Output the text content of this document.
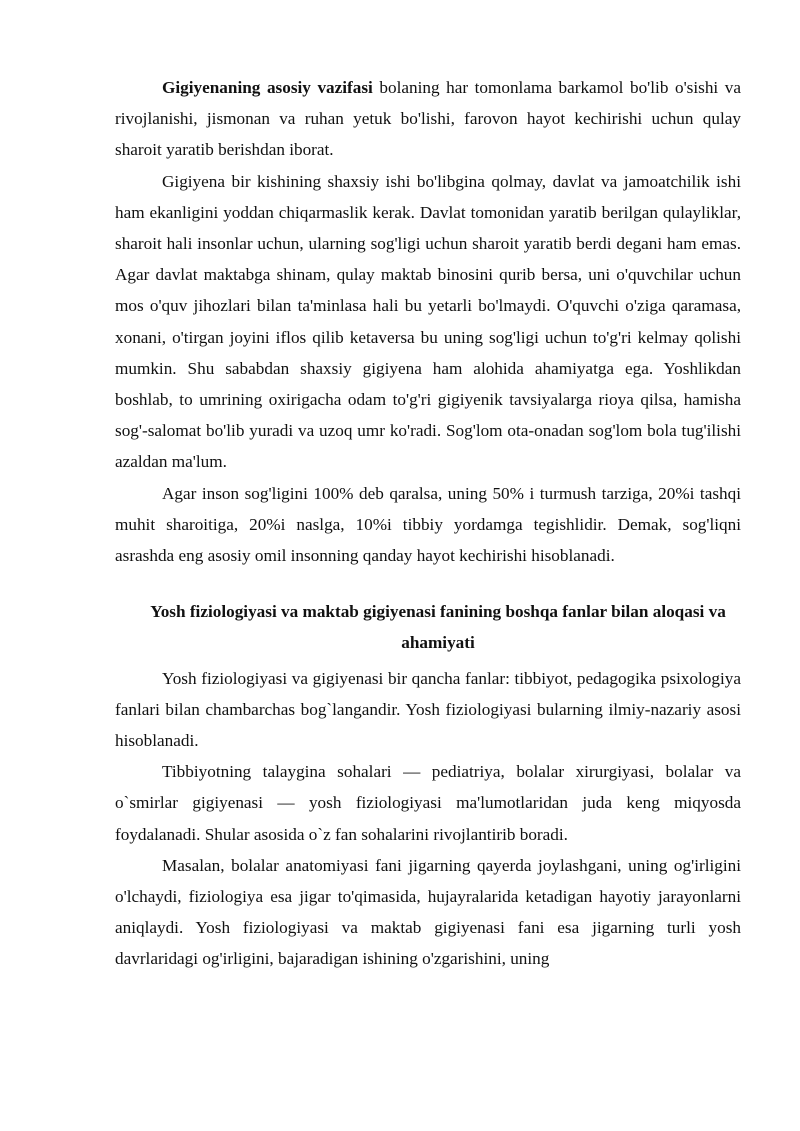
Gigiyenaning asosiy vazifasi bolaning har tomonlama barkamol bo'lib o'sishi va rivojlanishi, jismonan va ruhan yetuk bo'lishi, farovon hayot kechirishi uchun qulay sharoit yaratib berishdan iborat.

Gigiyena bir kishining shaxsiy ishi bo'libgina qolmay, davlat va jamoatchilik ishi ham ekanligini yoddan chiqarmaslik kerak. Davlat tomonidan yaratib berilgan qulayliklar, sharoit hali insonlar uchun, ularning sog'ligi uchun sharoit yaratib berdi degani ham emas. Agar davlat maktabga shinam, qulay maktab binosini qurib bersa, uni o'quvchilar uchun mos o'quv jihozlari bilan ta'minlasa hali bu yetarli bo'lmaydi. O'quvchi o'ziga qaramasa, xonani, o'tirgan joyini iflos qilib ketaversa bu uning sog'ligi uchun to'g'ri kelmay qolishi mumkin. Shu sababdan shaxsiy gigiyena ham alohida ahamiyatga ega. Yoshlikdan boshlab, to umrining oxirigacha odam to'g'ri gigiyenik tavsiyalarga rioya qilsa, hamisha sog'-salomat bo'lib yuradi va uzoq umr ko'radi. Sog'lom ota-onadan sog'lom bola tug'ilishi azaldan ma'lum.

Agar inson sog'ligini 100% deb qaralsa, uning 50% i turmush tarziga, 20%i tashqi muhit sharoitiga, 20%i naslga, 10%i tibbiy yordamga tegishlidir. Demak, sog'liqni asrashda eng asosiy omil insonning qanday hayot kechirishi hisoblanadi.

Yosh fiziologiyasi va maktab gigiyenasi fanining boshqa fanlar bilan aloqasi va ahamiyati

Yosh fiziologiyasi va gigiyenasi bir qancha fanlar: tibbiyot, pedagogika psixologiya fanlari bilan chambarchas bog`langandir. Yosh fiziologiyasi bularning ilmiy-nazariy asosi hisoblanadi.

Tibbiyotning talaygina sohalari — pediatriya, bolalar xirurgiyasi, bolalar va o`smirlar gigiyenasi — yosh fiziologiyasi ma'lumotlaridan juda keng miqyosda foydalanadi. Shular asosida o`z fan sohalarini rivojlantirib boradi.

Masalan, bolalar anatomiyasi fani jigarning qayerda joylashgani, uning og'irligini o'lchaydi, fiziologiya esa jigar to'qimasida, hujayralarida ketadigan hayotiy jarayonlarni aniqlaydi. Yosh fiziologiyasi va maktab gigiyenasi fani esa jigarning turli yosh davrlaridagi og'irligini, bajaradigan ishining o'zgarishini, uning
